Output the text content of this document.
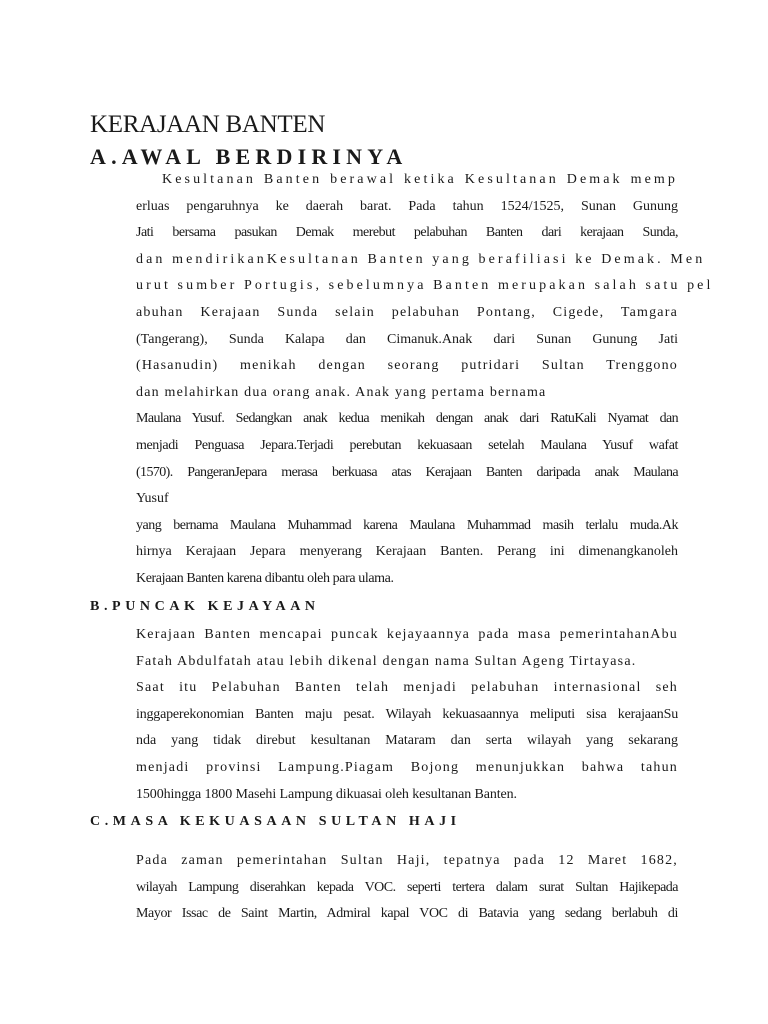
KERAJAAN BANTEN
A.AWAL BERDIRINYA
Kesultanan Banten berawal ketika Kesultanan Demak memp
erluas pengaruhnya ke daerah barat. Pada tahun 1524/1525, Sunan Gunung
Jati bersama pasukan Demak merebut pelabuhan Banten dari kerajaan Sunda,
dan mendirikanKesultanan Banten yang berafiliasi ke Demak. Men
urut sumber Portugis, sebelumnya Banten merupakan salah satu pel
abuhan Kerajaan Sunda selain pelabuhan Pontang, Cigede, Tamgara
(Tangerang), Sunda Kalapa dan Cimanuk.Anak dari Sunan Gunung Jati
(Hasanudin) menikah dengan seorang putridari Sultan Trenggono
dan melahirkan dua orang anak. Anak yang pertama bernama
Maulana Yusuf. Sedangkan anak kedua menikah dengan anak dari RatuKali Nyamat dan
menjadi Penguasa Jepara.Terjadi perebutan kekuasaan setelah Maulana Yusuf wafat
(1570). PangeranJepara merasa berkuasa atas Kerajaan Banten daripada anak Maulana
Yusuf
yang bernama Maulana Muhammad karena Maulana Muhammad masih terlalu muda.Ak
hirnya Kerajaan Jepara menyerang Kerajaan Banten. Perang ini dimenangkanoleh
Kerajaan Banten karena dibantu oleh para ulama.
B.PUNCAK KEJAYAAN
Kerajaan Banten mencapai puncak kejayaannya pada masa pemerintahanAbu
Fatah Abdulfatah atau lebih dikenal dengan nama Sultan Ageng Tirtayasa.
Saat itu Pelabuhan Banten telah menjadi pelabuhan internasional seh
inggaperekonomian Banten maju pesat. Wilayah kekuasaannya meliputi sisa kerajaanSu
nda yang tidak direbut kesultanan Mataram dan serta wilayah yang sekarang
menjadi provinsi Lampung.Piagam Bojong menunjukkan bahwa tahun
1500hingga 1800 Masehi Lampung dikuasai oleh kesultanan Banten.
C.MASA KEKUASAAN SULTAN HAJI
Pada zaman pemerintahan Sultan Haji, tepatnya pada 12 Maret 1682,
wilayah Lampung diserahkan kepada VOC. seperti tertera dalam surat Sultan Hajikepada
Mayor Issac de Saint Martin, Admiral kapal VOC di Batavia yang sedang berlabuh di
